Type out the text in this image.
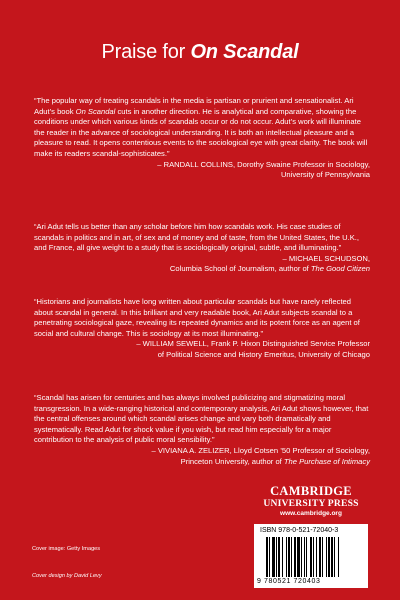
Praise for On Scandal
“The popular way of treating scandals in the media is partisan or prurient and sensationalist. Ari Adut’s book On Scandal cuts in another direction. He is analytical and comparative, showing the conditions under which various kinds of scandals occur or do not occur. Adut’s work will illuminate the reader in the advance of sociological understanding. It is both an intellectual pleasure and a pleasure to read. It opens contentious events to the sociological eye with great clarity. The book will make its readers scandal-sophisticates.”
– RANDALL COLLINS, Dorothy Swaine Professor in Sociology,
University of Pennsylvania
“Ari Adut tells us better than any scholar before him how scandals work. His case studies of scandals in politics and in art, of sex and of money and of taste, from the United States, the U.K., and France, all give weight to a study that is sociologically original, subtle, and illuminating.”
– MICHAEL SCHUDSON,
Columbia School of Journalism, author of The Good Citizen
“Historians and journalists have long written about particular scandals but have rarely reflected about scandal in general. In this brilliant and very readable book, Ari Adut subjects scandal to a penetrating sociological gaze, revealing its repeated dynamics and its potent force as an agent of social and cultural change. This is sociology at its most illuminating.”
– WILLIAM SEWELL, Frank P. Hixon Distinguished Service Professor
of Political Science and History Emeritus, University of Chicago
“Scandal has arisen for centuries and has always involved publicizing and stigmatizing moral transgression. In a wide-ranging historical and contemporary analysis, Ari Adut shows however, that the central offenses around which scandal arises change and vary both dramatically and systematically. Read Adut for shock value if you wish, but read him especially for a major contribution to the analysis of public moral sensibility.”
– VIVIANA A. ZELIZER, Lloyd Cotsen ’50 Professor of Sociology,
Princeton University, author of The Purchase of Intimacy
CAMBRIDGE
UNIVERSITY PRESS
www.cambridge.org
Cover image: Getty Images
Cover design by David Levy
ISBN 978-0-521-72040-3
9 780521 720403
